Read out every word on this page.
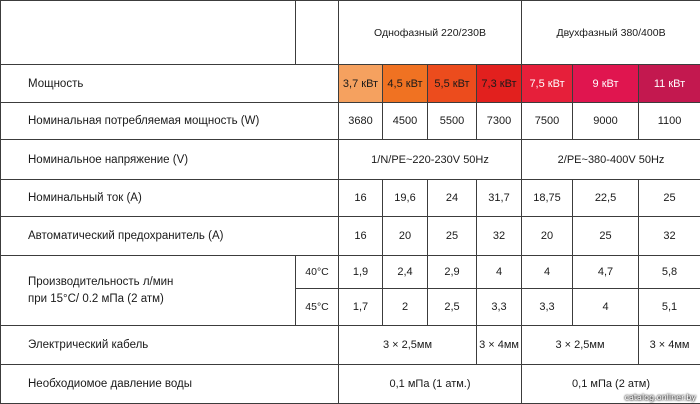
		Однофазный 220/230В				Двухфазный 380/400В		
Мощность		3,7 кВт	4,5 кВт	5,5 кВт	7,3 кВт	7,5 кВт	9 кВт	11 кВт
Номинальная потребляемая мощность (W)		3680	4500	5500	7300	7500	9000	1100
Номинальное напряжение (V)		1/N/PE~220-230V 50Hz				2/PE~380-400V 50Hz		
Номинальный ток (A)		16	19,6	24	31,7	18,75	22,5	25
Автоматический предохранитель (A)		16	20	25	32	20	25	32
Производительность л/мин
при 15°C/ 0.2 мПа (2 атм)	40°C	1,9	2,4	2,9	4	4	4,7	5,8
	45°C	1,7	2	2,5	3,3	3,3	4	5,1
Электрический кабель		3 × 2,5мм			3 × 4мм	3 × 2,5мм		3 × 4мм
Необходиомое давление воды		0,1 мПа (1 атм.)				0,1 мПа (2 атм)		
catalog.onliner.by
